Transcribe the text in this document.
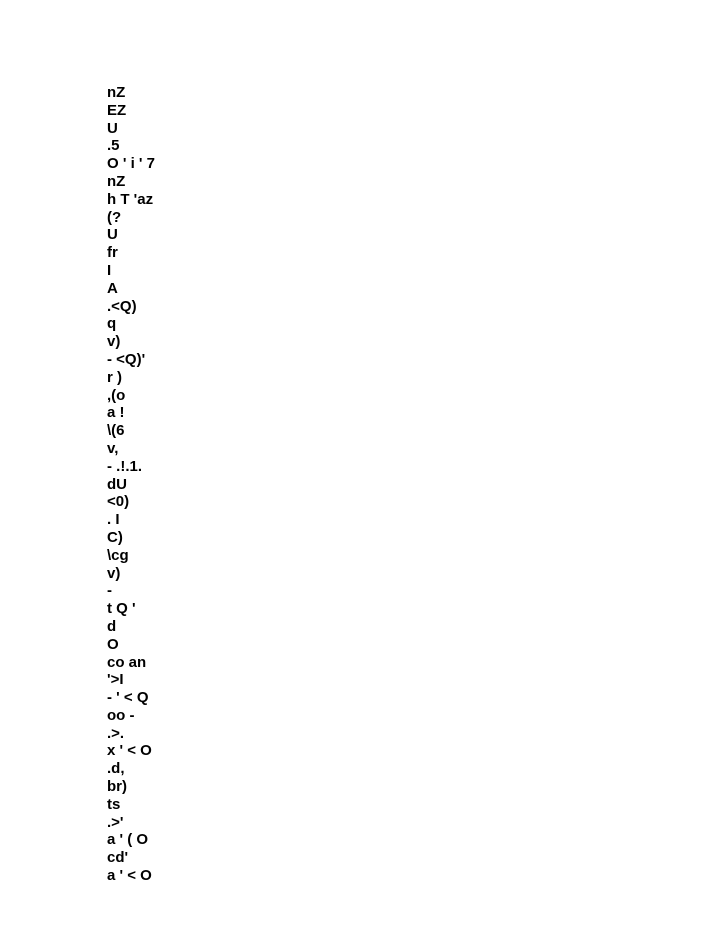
nZ
EZ
U
.5
O ' i ' 7
nZ
h T 'az
(?
U
fr
I
A
.<Q)
q
v)
- <Q)'
r )
,(o
a !
\(6
v,
- .!.1.
dU
<0)
. I
C)
\cg
v)
-
t Q '
d
O
co an
'>I
- ' < Q
oo -
.>.
x ' < O
.d,
br)
ts
.>'
a ' ( O
cd'
a ' < O
